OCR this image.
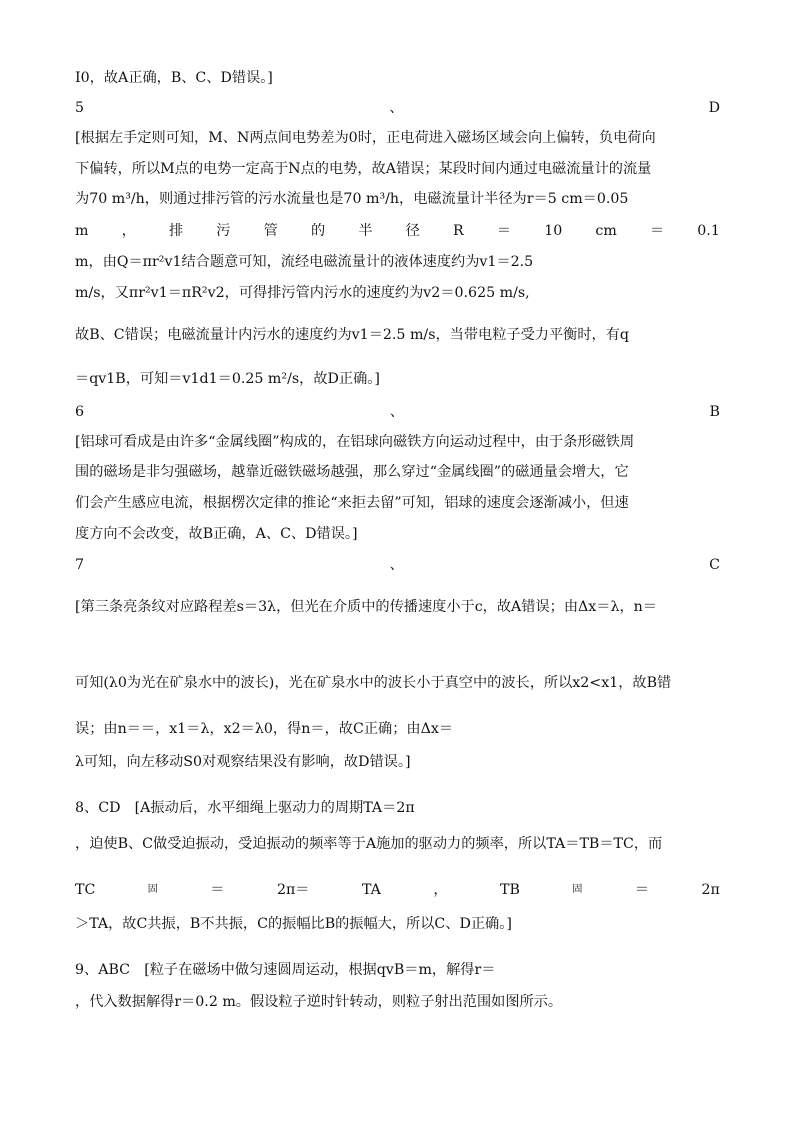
I0，故A正确，B、C、D错误。]
5	、	D
[根据左手定则可知，M、N两点间电势差为0时，正电荷进入磁场区域会向上偏转，负电荷向
下偏转，所以M点的电势一定高于N点的电势，故A错误；某段时间内通过电磁流量计的流量
为70 m³/h，则通过排污管的污水流量也是70 m³/h，电磁流量计半径为r＝5 cm＝0.05
m ， 排 污 管 的 半 径 R ＝ 10 cm ＝ 0.1
m，由Q＝πr²v1结合题意可知，流经电磁流量计的液体速度约为v1＝2.5
m/s，又πr²v1＝πR²v2，可得排污管内污水的速度约为v2＝0.625 m/s,
故B、C错误；电磁流量计内污水的速度约为v1＝2.5 m/s，当带电粒子受力平衡时，有q
＝qv1B，可知＝v1d1＝0.25 m²/s，故D正确。]
6	、	B
[铝球可看成是由许多“金属线圈”构成的，在铝球向磁铁方向运动过程中，由于条形磁铁周
围的磁场是非匀强磁场，越靠近磁铁磁场越强，那么穿过“金属线圈”的磁通量会增大，它
们会产生感应电流，根据楞次定律的推论“来拒去留”可知，铝球的速度会逐渐减小，但速
度方向不会改变，故B正确，A、C、D错误。]
7	、	C
[第三条亮条纹对应路程差s＝3λ，但光在介质中的传播速度小于c，故A错误；由Δx＝λ，n＝
可知(λ0为光在矿泉水中的波长)，光在矿泉水中的波长小于真空中的波长，所以x2<x1，故B错
误；由n＝＝，x1＝λ，x2＝λ0，得n＝，故C正确；由Δx＝
λ可知，向左移动S0对观察结果没有影响，故D错误。]
8、CD　[A振动后，水平细绳上驱动力的周期TA＝2π
，迫使B、C做受迫振动，受迫振动的频率等于A施加的驱动力的频率，所以TA＝TB＝TC，而
TC	固	＝	2π＝	TA	，	TB	固	＝	2π
＞TA，故C共振，B不共振，C的振幅比B的振幅大，所以C、D正确。]
9、ABC　[粒子在磁场中做匀速圆周运动，根据qvB＝m，解得r＝
，代入数据解得r＝0.2 m。假设粒子逆时针转动，则粒子射出范围如图所示。
